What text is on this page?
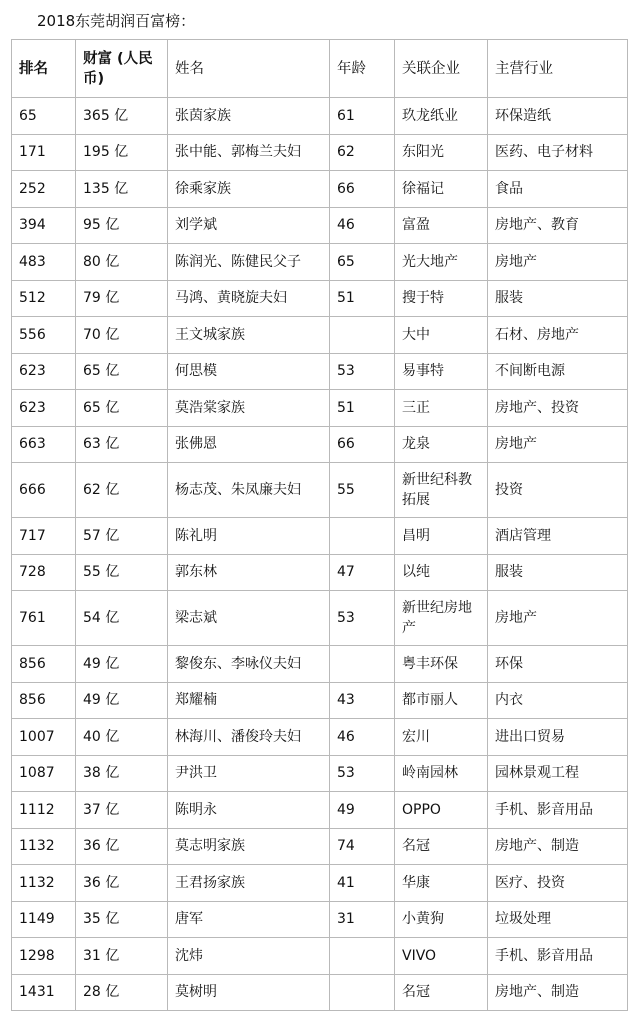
2018东莞胡润百富榜：
排名	财富 (人民币)	姓名	年龄	关联企业	主营行业
65	365 亿	张茵家族	61	玖龙纸业	环保造纸
171	195 亿	张中能、郭梅兰夫妇	62	东阳光	医药、电子材料
252	135 亿	徐乘家族	66	徐福记	食品
394	95 亿	刘学斌	46	富盈	房地产、教育
483	80 亿	陈润光、陈健民父子	65	光大地产	房地产
512	79 亿	马鸿、黄晓旋夫妇	51	搜于特	服装
556	70 亿	王文城家族		大中	石材、房地产
623	65 亿	何思模	53	易事特	不间断电源
623	65 亿	莫浩棠家族	51	三正	房地产、投资
663	63 亿	张佛恩	66	龙泉	房地产
666	62 亿	杨志茂、朱凤廉夫妇	55	新世纪科教拓展	投资
717	57 亿	陈礼明		昌明	酒店管理
728	55 亿	郭东林	47	以纯	服装
761	54 亿	梁志斌	53	新世纪房地产	房地产
856	49 亿	黎俊东、李咏仪夫妇		粤丰环保	环保
856	49 亿	郑耀楠	43	都市丽人	内衣
1007	40 亿	林海川、潘俊玲夫妇	46	宏川	进出口贸易
1087	38 亿	尹洪卫	53	岭南园林	园林景观工程
1112	37 亿	陈明永	49	OPPO	手机、影音用品
1132	36 亿	莫志明家族	74	名冠	房地产、制造
1132	36 亿	王君扬家族	41	华康	医疗、投资
1149	35 亿	唐军	31	小黄狗	垃圾处理
1298	31 亿	沈炜		VIVO	手机、影音用品
1431	28 亿	莫树明		名冠	房地产、制造
